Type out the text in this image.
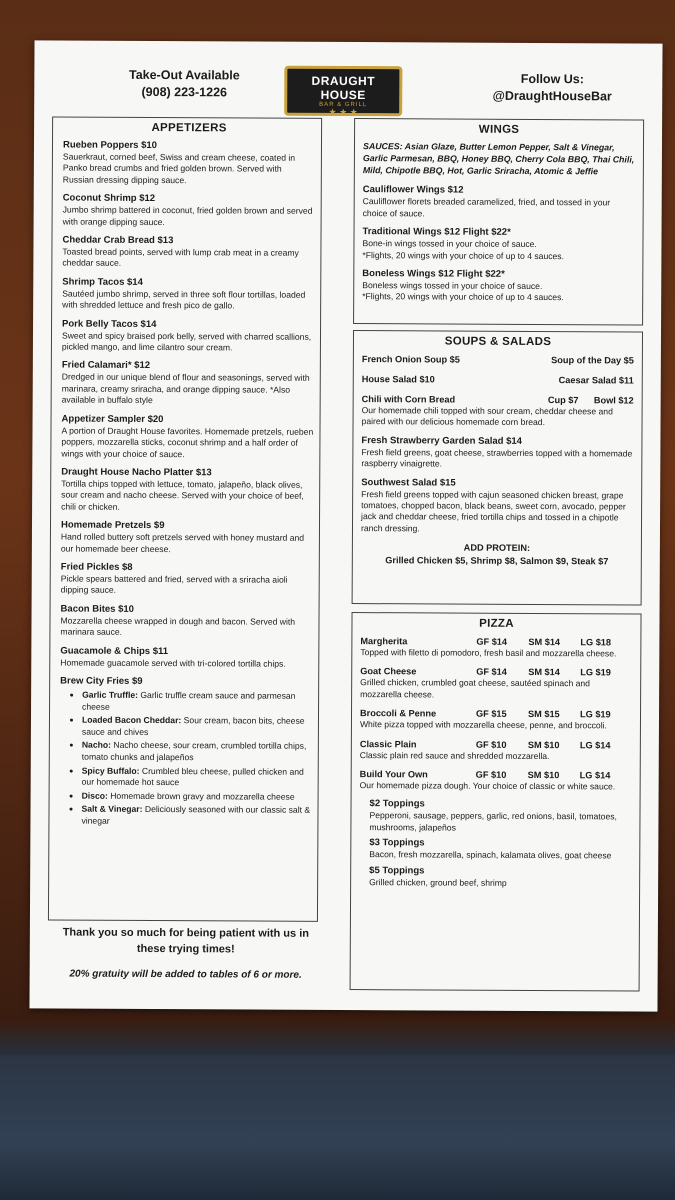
Take-Out Available
(908) 223-1226
DRAUGHT HOUSE
BAR & GRILL
★ ★ ★
Follow Us:
@DraughtHouseBar
APPETIZERS
Rueben Poppers $10
Sauerkraut, corned beef, Swiss and cream cheese, coated in Panko bread crumbs and fried golden brown. Served with Russian dressing dipping sauce.
Coconut Shrimp $12
Jumbo shrimp battered in coconut, fried golden brown and served with orange dipping sauce.
Cheddar Crab Bread $13
Toasted bread points, served with lump crab meat in a creamy cheddar sauce.
Shrimp Tacos $14
Sautéed jumbo shrimp, served in three soft flour tortillas, loaded with shredded lettuce and fresh pico de gallo.
Pork Belly Tacos $14
Sweet and spicy braised pork belly, served with charred scallions, pickled mango, and lime cilantro sour cream.
Fried Calamari* $12
Dredged in our unique blend of flour and seasonings, served with marinara, creamy sriracha, and orange dipping sauce. *Also available in buffalo style
Appetizer Sampler $20
A portion of Draught House favorites. Homemade pretzels, rueben poppers, mozzarella sticks, coconut shrimp and a half order of wings with your choice of sauce.
Draught House Nacho Platter $13
Tortilla chips topped with lettuce, tomato, jalapeño, black olives, sour cream and nacho cheese. Served with your choice of beef, chili or chicken.
Homemade Pretzels $9
Hand rolled buttery soft pretzels served with honey mustard and our homemade beer cheese.
Fried Pickles $8
Pickle spears battered and fried, served with a sriracha aioli dipping sauce.
Bacon Bites $10
Mozzarella cheese wrapped in dough and bacon. Served with marinara sauce.
Guacamole & Chips $11
Homemade guacamole served with tri-colored tortilla chips.
Brew City Fries $9
• Garlic Truffle: Garlic truffle cream sauce and parmesan cheese
• Loaded Bacon Cheddar: Sour cream, bacon bits, cheese sauce and chives
• Nacho: Nacho cheese, sour cream, crumbled tortilla chips, tomato chunks and jalapeños
• Spicy Buffalo: Crumbled bleu cheese, pulled chicken and our homemade hot sauce
• Disco: Homemade brown gravy and mozzarella cheese
• Salt & Vinegar: Deliciously seasoned with our classic salt & vinegar
Thank you so much for being patient with us in these trying times!
20% gratuity will be added to tables of 6 or more.
WINGS
SAUCES: Asian Glaze, Butter Lemon Pepper, Salt & Vinegar, Garlic Parmesan, BBQ, Honey BBQ, Cherry Cola BBQ, Thai Chili, Mild, Chipotle BBQ, Hot, Garlic Sriracha, Atomic & Jeffie
Cauliflower Wings $12
Cauliflower florets breaded caramelized, fried, and tossed in your choice of sauce.
Traditional Wings $12 Flight $22*
Bone-in wings tossed in your choice of sauce.
*Flights, 20 wings with your choice of up to 4 sauces.
Boneless Wings $12 Flight $22*
Boneless wings tossed in your choice of sauce.
*Flights, 20 wings with your choice of up to 4 sauces.
SOUPS & SALADS
French Onion Soup $5	Soup of the Day $5
House Salad $10	Caesar Salad $11
Chili with Corn Bread	Cup $7 Bowl $12
Our homemade chili topped with sour cream, cheddar cheese and paired with our delicious homemade corn bread.
Fresh Strawberry Garden Salad $14
Fresh field greens, goat cheese, strawberries topped with a homemade raspberry vinaigrette.
Southwest Salad $15
Fresh field greens topped with cajun seasoned chicken breast, grape tomatoes, chopped bacon, black beans, sweet corn, avocado, pepper jack and cheddar cheese, fried tortilla chips and tossed in a chipotle ranch dressing.
ADD PROTEIN:
Grilled Chicken $5, Shrimp $8, Salmon $9, Steak $7
PIZZA
Margherita	GF $14	SM $14	LG $18
Topped with filetto di pomodoro, fresh basil and mozzarella cheese.
Goat Cheese	GF $14	SM $14	LG $19
Grilled chicken, crumbled goat cheese, sautéed spinach and mozzarella cheese.
Broccoli & Penne	GF $15	SM $15	LG $19
White pizza topped with mozzarella cheese, penne, and broccoli.
Classic Plain	GF $10	SM $10	LG $14
Classic plain red sauce and shredded mozzarella.
Build Your Own	GF $10	SM $10	LG $14
Our homemade pizza dough. Your choice of classic or white sauce.
$2 Toppings
Pepperoni, sausage, peppers, garlic, red onions, basil, tomatoes, mushrooms, jalapeños
$3 Toppings
Bacon, fresh mozzarella, spinach, kalamata olives, goat cheese
$5 Toppings
Grilled chicken, ground beef, shrimp
